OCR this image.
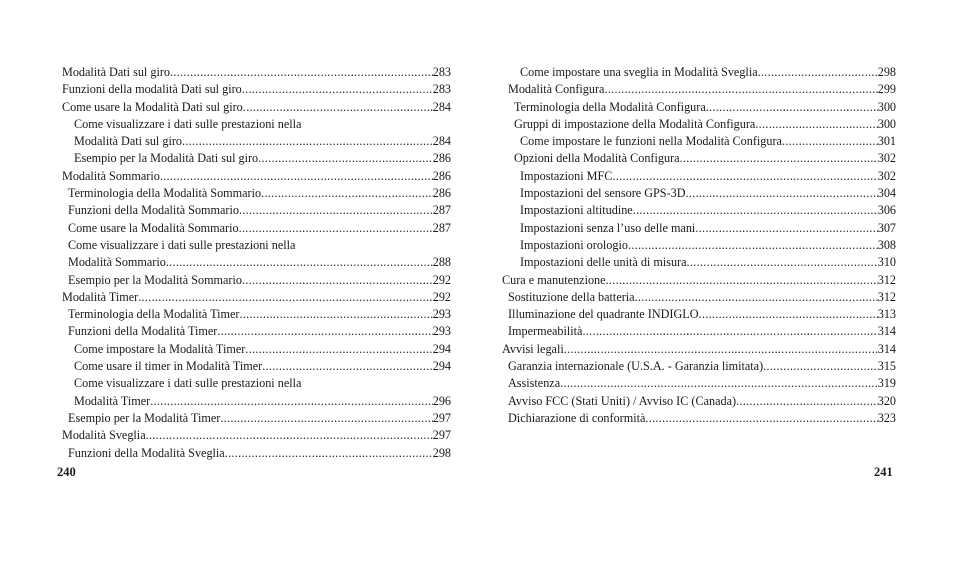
Modalità Dati sul giro .....	283
Funzioni della modalità Dati sul giro .....	283
Come usare la Modalità Dati sul giro .....	284
Come visualizzare i dati sulle prestazioni nella
Modalità Dati sul giro .....	284
Esempio per la Modalità Dati sul giro .....	286
Modalità Sommario .....	286
Terminologia della Modalità Sommario .....	286
Funzioni della Modalità Sommario .....	287
Come usare la Modalità Sommario .....	287
Come visualizzare i dati sulle prestazioni nella
Modalità Sommario .....	288
Esempio per la Modalità Sommario .....	292
Modalità Timer .....	292
Terminologia della Modalità Timer .....	293
Funzioni della Modalità Timer .....	293
Come impostare la Modalità Timer .....	294
Come usare il timer in Modalità Timer .....	294
Come visualizzare i dati sulle prestazioni nella
Modalità Timer .....	296
Esempio per la Modalità Timer .....	297
Modalità Sveglia .....	297
Funzioni della Modalità Sveglia .....	298
Come impostare una sveglia in Modalità Sveglia .....	298
Modalità Configura .....	299
Terminologia della Modalità Configura .....	300
Gruppi di impostazione della Modalità Configura .....	300
Come impostare le funzioni nella Modalità Configura .....	301
Opzioni della Modalità Configura .....	302
Impostazioni MFC .....	302
Impostazioni del sensore GPS-3D .....	304
Impostazioni altitudine .....	306
Impostazioni senza l’uso delle mani .....	307
Impostazioni orologio .....	308
Impostazioni delle unità di misura .....	310
Cura e manutenzione .....	312
Sostituzione della batteria .....	312
Illuminazione del quadrante INDIGLO .....	313
Impermeabilità .....	314
Avvisi legali .....	314
Garanzia internazionale (U.S.A. - Garanzia limitata) .....	315
Assistenza .....	319
Avviso FCC (Stati Uniti) / Avviso IC (Canada) .....	320
Dichiarazione di conformità .....	323
240	241
